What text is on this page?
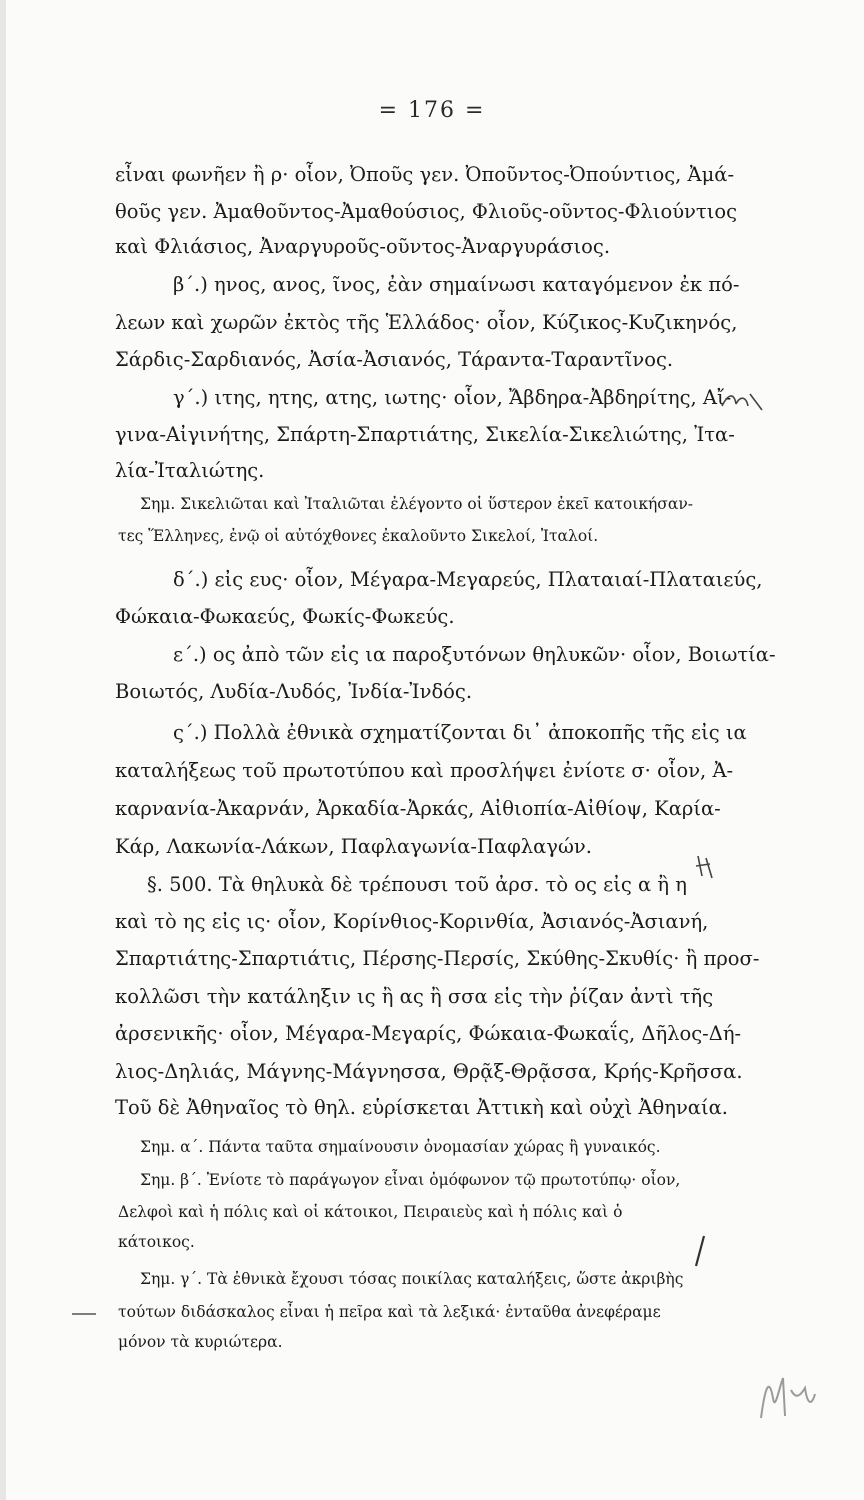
= 176 =
εἶναι φωνῆεν ἢ ρ· οἷον, Ὀποῦς γεν. Ὀποῦντος-Ὀπούντιος, Ἀμά-
θοῦς γεν. Ἀμαθοῦντος-Ἀμαθούσιος, Φλιοῦς-οῦντος-Φλιούντιος
καὶ Φλιάσιος, Ἀναργυροῦς-οῦντος-Ἀναργυράσιος.
β΄.) ηνος, ανος, ῖνος, ἐὰν σημαίνωσι καταγόμενον ἐκ πό-
λεων καὶ χωρῶν ἐκτὸς τῆς Ἑλλάδος· οἷον, Κύζικος-Κυζικηνός,
Σάρδις-Σαρδιανός, Ἀσία-Ἀσιανός, Τάραντα-Ταραντῖνος.
γ΄.) ιτης, ητης, ατης, ιωτης· οἷον, Ἄβδηρα-Ἀβδηρίτης, Αἴ-
γινα-Αἰγινήτης, Σπάρτη-Σπαρτιάτης, Σικελία-Σικελιώτης, Ἰτα-
λία-Ἰταλιώτης.
Σημ. Σικελιῶται καὶ Ἰταλιῶται ἐλέγοντο οἱ ὕστερον ἐκεῖ κατοικήσαν-
τες Ἕλληνες, ἐνῷ οἱ αὐτόχθονες ἐκαλοῦντο Σικελοί, Ἰταλοί.
δ΄.) εἰς ευς· οἷον, Μέγαρα-Μεγαρεύς, Πλαταιαί-Πλαταιεύς,
Φώκαια-Φωκαεύς, Φωκίς-Φωκεύς.
ε΄.) ος ἀπὸ τῶν εἰς ια παροξυτόνων θηλυκῶν· οἷον, Βοιωτία-
Βοιωτός, Λυδία-Λυδός, Ἰνδία-Ἰνδός.
ς΄.) Πολλὰ ἐθνικὰ σχηματίζονται δι᾽ ἀποκοπῆς τῆς εἰς ια
καταλήξεως τοῦ πρωτοτύπου καὶ προσλήψει ἐνίοτε σ· οἷον, Ἀ-
καρνανία-Ἀκαρνάν, Ἀρκαδία-Ἀρκάς, Αἰθιοπία-Αἰθίοψ, Καρία-
Κάρ, Λακωνία-Λάκων, Παφλαγωνία-Παφλαγών.
§. 500. Τὰ θηλυκὰ δὲ τρέπουσι τοῦ ἀρσ. τὸ ος εἰς α ἢ η
καὶ τὸ ης εἰς ις· οἷον, Κορίνθιος-Κορινθία, Ἀσιανός-Ἀσιανή,
Σπαρτιάτης-Σπαρτιάτις, Πέρσης-Περσίς, Σκύθης-Σκυθίς· ἢ προσ-
κολλῶσι τὴν κατάληξιν ις ἢ ας ἢ σσα εἰς τὴν ῥίζαν ἀντὶ τῆς
ἀρσενικῆς· οἷον, Μέγαρα-Μεγαρίς, Φώκαια-Φωκαΐς, Δῆλος-Δή-
λιος-Δηλιάς, Μάγνης-Μάγνησσα, Θρᾷξ-Θρᾷσσα, Κρής-Κρῆσσα.
Τοῦ δὲ Ἀθηναῖος τὸ θηλ. εὑρίσκεται Ἀττικὴ καὶ οὐχὶ Ἀθηναία.
Σημ. α΄. Πάντα ταῦτα σημαίνουσιν ὀνομασίαν χώρας ἢ γυναικός.
Σημ. β΄. Ἐνίοτε τὸ παράγωγον εἶναι ὁμόφωνον τῷ πρωτοτύπῳ· οἷον,
Δελφοὶ καὶ ἡ πόλις καὶ οἱ κάτοικοι, Πειραιεὺς καὶ ἡ πόλις καὶ ὁ
κάτοικος.
Σημ. γ΄. Τὰ ἐθνικὰ ἔχουσι τόσας ποικίλας καταλήξεις, ὥστε ἀκριβὴς
τούτων διδάσκαλος εἶναι ἡ πεῖρα καὶ τὰ λεξικά· ἐνταῦθα ἀνεφέραμε
μόνον τὰ κυριώτερα.
